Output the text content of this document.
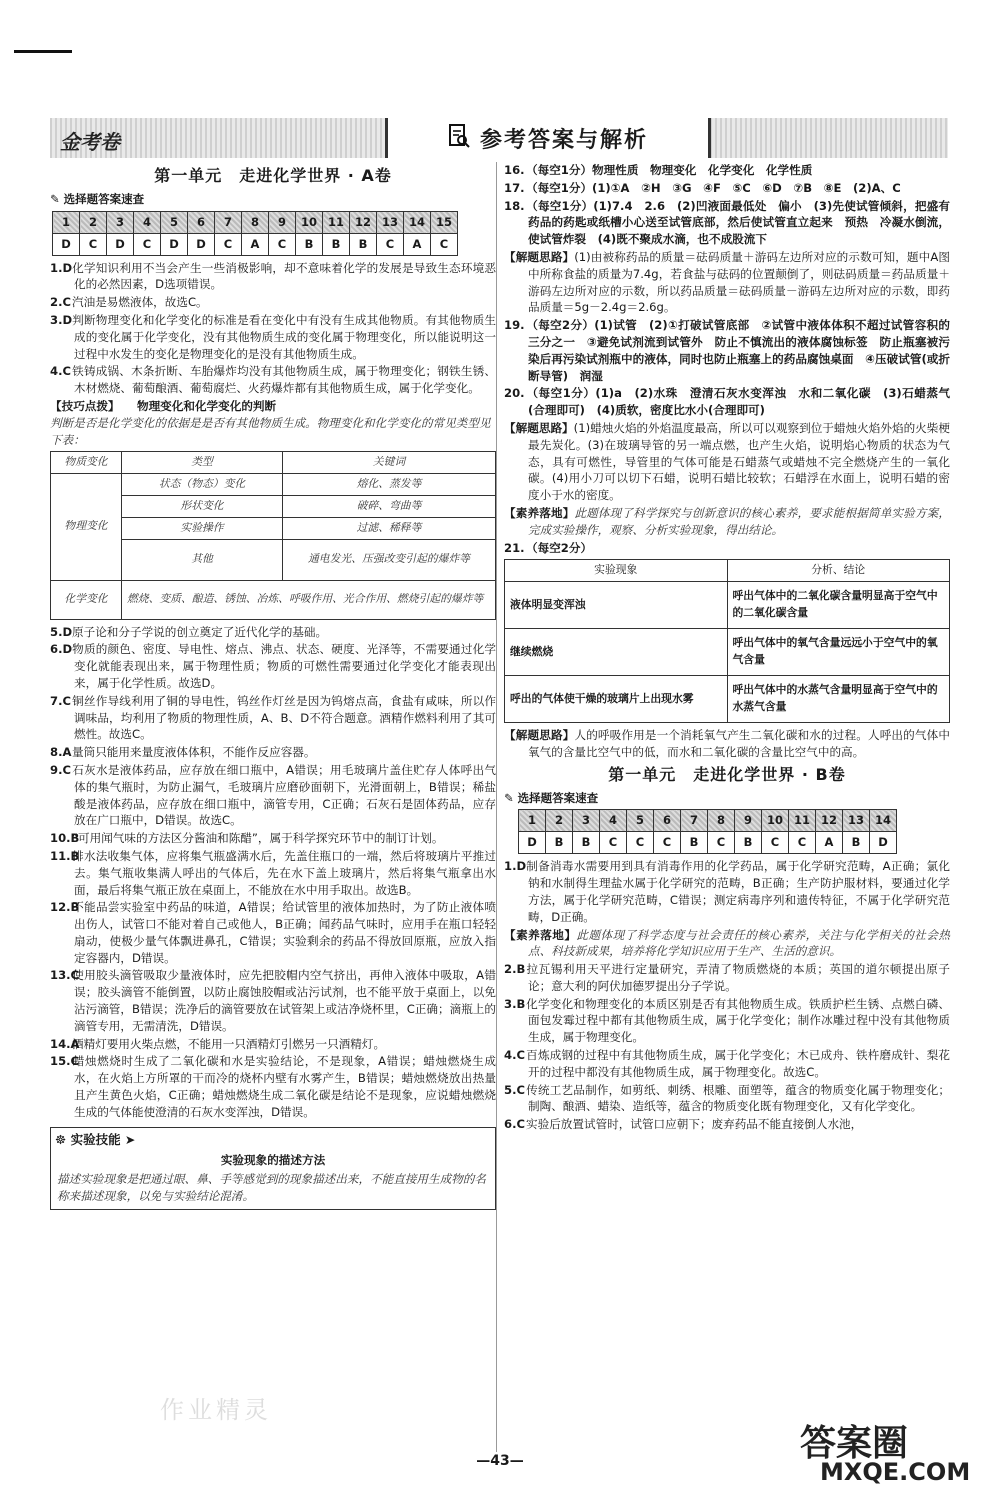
参考答案与解析
金考卷
第一单元　走进化学世界 · A卷
✎ 选择题答案速查
1	2	3	4	5	6	7	8	9	10	11	12	13	14	15
D	C	D	C	D	D	C	A	C	B	B	B	C	A	C
1.D化学知识利用不当会产生一些消极影响，却不意味着化学的发展是导致生态环境恶化的必然因素，D选项错误。
2.C汽油是易燃液体，故选C。
3.D判断物理变化和化学变化的标准是看在变化中有没有生成其他物质。有其他物质生成的变化属于化学变化，没有其他物质生成的变化属于物理变化，所以能说明这一过程中水发生的变化是物理变化的是没有其他物质生成。
4.C铁铸成锅、木条折断、车胎爆炸均没有其他物质生成，属于物理变化；钢铁生锈、木材燃烧、葡萄酿酒、葡萄腐烂、火药爆炸都有其他物质生成，属于化学变化。
【技巧点拨】　　 物理变化和化学变化的判断
判断是否是化学变化的依据是是否有其他物质生成。物理变化和化学变化的常见类型见下表：
物质变化	类型	关键词
物理变化	状态（物态）变化	熔化、蒸发等
	形状变化	破碎、弯曲等
	实验操作	过滤、稀释等
	其他	通电发光、压强改变引起的爆炸等
化学变化	燃烧、变质、酿造、锈蚀、冶炼、呼吸作用、光合作用、燃烧引起的爆炸等	
5.D原子论和分子学说的创立奠定了近代化学的基础。
6.D物质的颜色、密度、导电性、熔点、沸点、状态、硬度、光泽等，不需要通过化学变化就能表现出来，属于物理性质；物质的可燃性需要通过化学变化才能表现出来，属于化学性质。故选D。
7.C铜丝作导线利用了铜的导电性，钨丝作灯丝是因为钨熔点高，食盐有咸味，所以作调味品，均利用了物质的物理性质，A、B、D不符合题意。酒精作燃料利用了其可燃性。故选C。
8.A量筒只能用来量度液体体积，不能作反应容器。
9.C石灰水是液体药品，应存放在细口瓶中，A错误；用毛玻璃片盖住贮存人体呼出气体的集气瓶时，为防止漏气，毛玻璃片应磨砂面朝下，光滑面朝上，B错误；稀盐酸是液体药品，应存放在细口瓶中，滴管专用，C正确；石灰石是固体药品，应存放在广口瓶中，D错误。故选C。
10.B“可用闻气味的方法区分酱油和陈醋”，属于科学探究环节中的制订计划。
11.B排水法收集气体，应将集气瓶盛满水后，先盖住瓶口的一端，然后将玻璃片平推过去。集气瓶收集满人呼出的气体后，先在水下盖上玻璃片，然后将集气瓶拿出水面，最后将集气瓶正放在桌面上，不能放在水中用手取出。故选B。
12.B不能品尝实验室中药品的味道，A错误；给试管里的液体加热时，为了防止液体喷出伤人，试管口不能对着自己或他人，B正确；闻药品气味时，应用手在瓶口轻轻扇动，使极少量气体飘进鼻孔，C错误；实验剩余的药品不得放回原瓶，应放入指定容器内，D错误。
13.C使用胶头滴管吸取少量液体时，应先把胶帽内空气挤出，再伸入液体中吸取，A错误；胶头滴管不能倒置，以防止腐蚀胶帽或沾污试剂，也不能平放于桌面上，以免沾污滴管，B错误；洗净后的滴管要放在试管架上或洁净烧杯里，C正确；滴瓶上的滴管专用，无需清洗，D错误。
14.A酒精灯要用火柴点燃，不能用一只酒精灯引燃另一只酒精灯。
15.C蜡烛燃烧时生成了二氧化碳和水是实验结论，不是现象，A错误；蜡烛燃烧生成水，在火焰上方所罩的干而冷的烧杯内壁有水雾产生，B错误；蜡烛燃烧放出热量且产生黄色火焰，C正确；蜡烛燃烧生成二氧化碳是结论不是现象，应说蜡烛燃烧生成的气体能使澄清的石灰水变浑浊，D错误。
☸ 实验技能 ➤
实验现象的描述方法
描述实验现象是把通过眼、鼻、手等感觉到的现象描述出来，不能直接用生成物的名称来描述现象，以免与实验结论混淆。
16.（每空1分）物理性质　物理变化　化学变化　化学性质
17.（每空1分）(1)①A　②H　③G　④F　⑤C　⑥D　⑦B　⑧E　(2)A、C
18.（每空1分）(1)7.4　2.6　(2)凹液面最低处　偏小　(3)先使试管倾斜，把盛有药品的药匙或纸槽小心送至试管底部，然后使试管直立起来　预热　冷凝水倒流，使试管炸裂　(4)既不聚成水滴，也不成股流下
【解题思路】(1)由被称药品的质量＝砝码质量＋游码左边所对应的示数可知，题中A图中所称食盐的质量为7.4g，若食盐与砝码的位置颠倒了，则砝码质量＝药品质量＋游码左边所对应的示数，所以药品质量＝砝码质量－游码左边所对应的示数，即药品质量＝5g－2.4g＝2.6g。
19.（每空2分）(1)试管　(2)①打破试管底部　②试管中液体体积不超过试管容积的三分之一　③避免试剂流到试管外　防止不慎流出的液体腐蚀标签　防止瓶塞被污染后再污染试剂瓶中的液体，同时也防止瓶塞上的药品腐蚀桌面　④压破试管(或折断导管)　润湿
20.（每空1分）(1)a　(2)水珠　澄清石灰水变浑浊　水和二氧化碳　(3)石蜡蒸气(合理即可)　(4)质软，密度比水小(合理即可)
【解题思路】(1)蜡烛火焰的外焰温度最高，所以可以观察到位于蜡烛火焰外焰的火柴梗最先炭化。(3)在玻璃导管的另一端点燃，也产生火焰，说明焰心物质的状态为气态，具有可燃性，导管里的气体可能是石蜡蒸气或蜡烛不完全燃烧产生的一氧化碳。(4)用小刀可以切下石蜡，说明石蜡比较软；石蜡浮在水面上，说明石蜡的密度小于水的密度。
【素养落地】此题体现了科学探究与创新意识的核心素养，要求能根据简单实验方案，完成实验操作，观察、分析实验现象，得出结论。
21.（每空2分）
实验现象	分析、结论
液体明显变浑浊	呼出气体中的二氧化碳含量明显高于空气中的二氧化碳含量
继续燃烧	呼出气体中的氧气含量远远小于空气中的氧气含量
呼出的气体使干燥的玻璃片上出现水雾	呼出气体中的水蒸气含量明显高于空气中的水蒸气含量
【解题思路】人的呼吸作用是一个消耗氧气产生二氧化碳和水的过程。人呼出的气体中氧气的含量比空气中的低，而水和二氧化碳的含量比空气中的高。
第一单元　走进化学世界 · B卷
✎ 选择题答案速查
1	2	3	4	5	6	7	8	9	10	11	12	13	14
D	B	B	C	C	C	B	C	B	C	C	A	B	D
1.D制备消毒水需要用到具有消毒作用的化学药品，属于化学研究范畴，A正确；氯化钠和水制得生理盐水属于化学研究的范畴，B正确；生产防护服材料，要通过化学方法，属于化学研究范畴，C错误；测定病毒序列和遗传特征，不属于化学研究范畴，D正确。
【素养落地】此题体现了科学态度与社会责任的核心素养，关注与化学相关的社会热点、科技新成果，培养将化学知识应用于生产、生活的意识。
2.B拉瓦锡利用天平进行定量研究，弄清了物质燃烧的本质；英国的道尔顿提出原子论；意大利的阿伏加德罗提出分子学说。
3.B化学变化和物理变化的本质区别是否有其他物质生成。铁质护栏生锈、点燃白磷、面包发霉过程中都有其他物质生成，属于化学变化；制作冰雕过程中没有其他物质生成，属于物理变化。
4.C百炼成钢的过程中有其他物质生成，属于化学变化；木已成舟、铁杵磨成针、梨花开的过程中都没有其他物质生成，属于物理变化。故选C。
5.C传统工艺品制作，如剪纸、刺绣、根雕、面塑等，蕴含的物质变化属于物理变化；制陶、酿酒、蜡染、造纸等，蕴含的物质变化既有物理变化，又有化学变化。
6.C实验后放置试管时，试管口应朝下；废弃药品不能直接倒人水池，
作业精灵
—43—	答案圈
MXQE.COM
